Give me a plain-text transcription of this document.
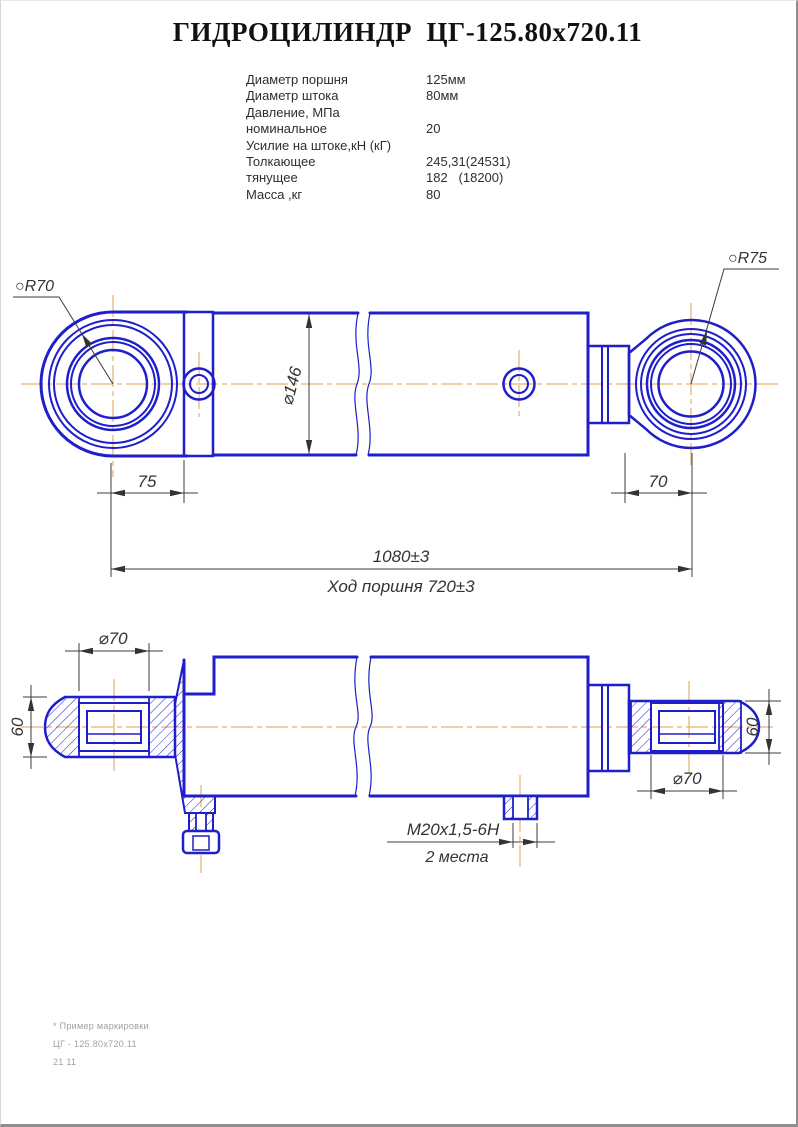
ГИДРОЦИЛИНДР  ЦГ-125.80х720.11
Диаметр поршня	125мм
Диаметр штока	80мм
Давление, МПа
номинальное	20
Усилие на штоке,кН (кГ)
Толкающее	245,31(24531)
тянущее	182   (18200)
Масса ,кг	80
○R70
○R75
⌀146
75	70
1080±3
Ход поршня 720±3
⌀70
60
⌀70
60
M20x1,5-6H
2 места
* Пример маркировки
ЦГ - 125.80х720.11
21 11
